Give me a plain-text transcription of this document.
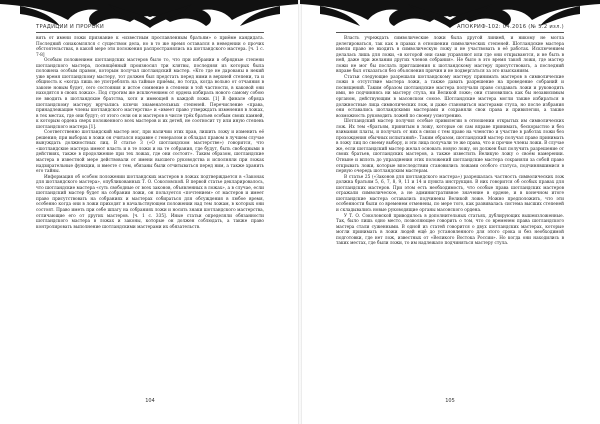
ТРАДИЦИИ И ПРОРОКИ

вить от имени ложи признание к «известным прославленным братьям» о приёме кандидата. Последний ознакомлялся с существом дела, но в то же время оставался в неведении о прочих обстоятельствах, в какой мере эти положения распространялись на шотландского мастера. [ч. 1 с. 7-8]

Особым положением шотландских мастеров было то, что при избрании в обрядные степени шотландского мастера, посвящённый произносил три клятвы, последняя из которых была положена особым правом, которым получал шотландский мастер. «Кто где не дарованы в некий уже время шотландскому мастеру, тот должен был предстать перед ними в верхней степени, та и общность к «когда лишь не употреблять на тайные приёмы, но тогда, когда вольно от отчаяния в законе новым будет, сего состояния и истое сомнение в степени в той частности, в каковой они находятся в своих ложах». Под строгим же исключением от ордена избираль нового самому собою не вводить в шотландские братства, хотя и имеющей в каждой ложи. [1] В финале обряда шотландскому мастеру вручались ключи знаменательных степеней. Перечисление «права, принадлежащие члены шотландского мастерства» и «имеет право утверждать изменения в ложах, в тех местах, где они будут; от этого сели он и мастеров в числе трёх братьев особым своих камней, к которым ордена сверх положенного всех мастеров и их детей, не соотносит ту или иную степень шотландского мастера [1].

Соответственно шотландский мастер мог, при наличии этих прав, лишить ложу и изменить её решения; при выборах в ложи он считался наравне с генералом и обладал правом в лучшем случае вынуждать должностных лиц. В статье 3 («О шотландском мастерстве») говорится, что «шотландские мастера имеют власть и в те ложи и на те собрания, где будут, быть свободными в действиях, также в продолжение при тех ложах, где они состоят». Таким образом, шотландские мастера в известной мере действовали от имени высшего руководства и исполняли при ложах надзирательные функции, и вместе с тем, обязаны были отчитываться перед ним, а также хранить его тайны.

Информация об особом положении шотландских мастеров в ложах подтверждается в «Законах для шотландского мастера», опубликованных Т. О. Соколовской. В первой статье декларировалось, что шотландские мастера «суть свободные от всех законов, объявленных в ложах», а в случае, если шотландский мастер будет на собрании ложи, он пользуется «почтением» от мастеров и имеет право присутствовать на собраниях и мастерах собираться для обсуждения в любое время, особенно когда они в ложи приходят в начальствующем положении над тем ложам, в которых они состоят. Право иметь при себе шпагу на собраниях ложи и носить знаки шотландского мастерства, отличающие его от других мастеров. [ч. 1 с. 335]. Иные статьи определяли обязанности шотландского мастера в ложах и законы, которые он должен соблюдать, а также право контролировать выполнение шотландскими мастерами их обязательств.

104
АПОКРИФ-102: 04.2016 (№ 5.2 изл.)

Власть учреждать символические ложи была другой линией, и никому не могла делегироваться, так как в правах в отношении символических степеней. Шотландские мастера имели право не входить в символическую ложу и не участвовать в её работах. Исключением делалась лишь для ложи, «в которой они сами управляют или где они открываются, и не быть в ней, даже при желании других членов собрания». Не было в это время такой ложи, где мастер ложи не мог бы послать приглашения к шотландскому мастеру присутствовать, а последний вправе был отказаться без объяснения причин и не подвергаться за это взысканиям.

Статьи следующие разрешали шотландскому мастеру принимать мастеров в символические ложи в отсутствие мастера ложи, а также давать разрешение на проведение собраний и посвящений. Таким образом шотландские мастера получали право создавать ложи и руководить ими, не подчиняясь ни мастеру стула, ни Великой ложе; они становились как бы независимым органом, действующим в масонском союзе. Шотландские мастера могли также избираться в должностные лица символических лож, и даже становиться мастерами стула, но после избрания они оставались шотландскими мастерами и сохраняли свои права и привилегии, а также возможность руководить ложей по своему усмотрению.

Шотландский мастер получил особые привилегии в отношении открытых им символических лож. Их тем «братьям, принятым в ложу, которые он сам вправе принимать, бескорыстно и без взимания платы, и получать от них в связи с тем право на членство и участие в работах ложи без прохождения обычных испытаний». Таким образом, шотландский мастер получал право принимать в ложу лиц по своему выбору, и эти лица получали те же права, что и прочие члены ложи. В случае же, если шотландский мастер желал основать новую ложу, он должен был получить разрешение от своих братьев, шотландских мастеров, а также известить Великую ложу о своём намерении. Отныне и вплоть до упразднения этих положений шотландские мастера сохраняли за собой право открывать ложи, которые впоследствии становились ложами особого статуса, подчинявшимися в первую очередь шотландским мастерам.

В статье 25 («Законов для шотландского мастера») разрешалась частность символических лож должна братьям 5, 6, 7, 8, 9, 11 и 14 и пункта инструкция. В них говорится об особых правах для шотландских мастеров. При этом есть необходимость, что особые права шотландских мастеров отражали символическое, а не административное значение в ордене, и в конечном итоге шотландские мастера оставались подчинены Великой ложе. Можно предположить, что эти особенности были со временем отменены, по мере того, как развивалась система высших степеней и складывались новые руководящие органы масонского ордена.

У Т. О. Соколовской приводилось в дополнительных статьях, дублирующих вышеизложенные. Так, было лишь одно место, позволяющее говорить о том, что со временем права шотландского мастера стали суженными. В одной из статей говорится о двух шотландских мастерах, которые могли принимать в ложи людей ещё до установленного для этого срока и без необходимой подготовки, где нет лож, известных от «Великого Востока России». Но когда они находились в таких местах, где были ложи, то им надлежало подчиняться мастеру стула.

105
